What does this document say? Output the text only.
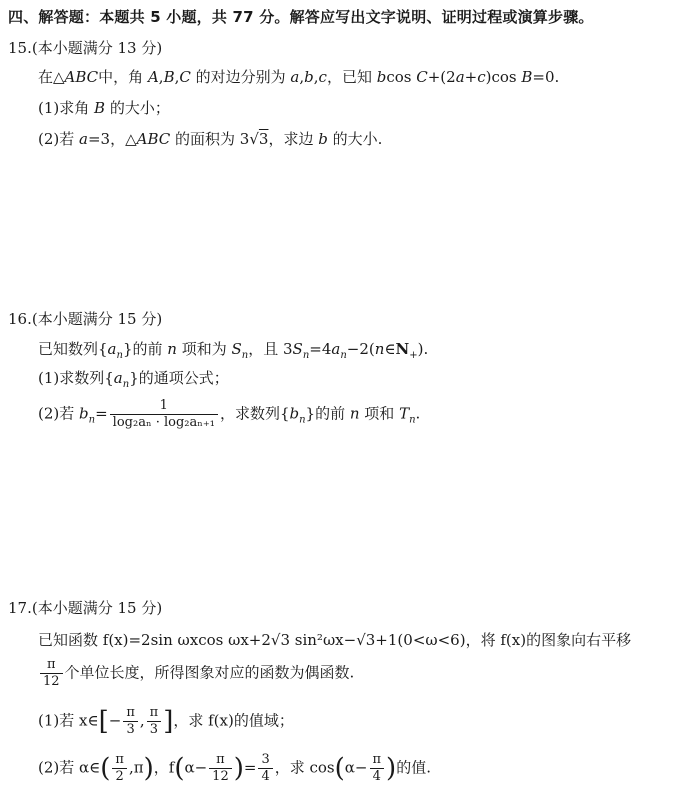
四、解答题：本题共 5 小题，共 77 分。解答应写出文字说明、证明过程或演算步骤。
15.(本小题满分 13 分)
在△ABC中，角 A,B,C 的对边分别为 a,b,c，已知 bcos C+(2a+c)cos B=0.
(1)求角 B 的大小；
(2)若 a=3，△ABC 的面积为 3√3，求边 b 的大小.
16.(本小题满分 15 分)
已知数列$\{a_n\}$的前 n 项和为 $S_n$，且 $3S_n=4a_n-2(n\in N_+)$.
(1)求数列$\{a_n\}$的通项公式；
(2)若 $b_n= \frac{1}{\text{log₂aₙ · log₂aₙ₊₁}}$ ，求数列$\{b_n\}$的前 n 项和 $T_n$.
17.(本小题满分 15 分)
已知函数 f(x)=2sin ωxcos ωx+2√3 sin²ωx−√3+1(0<ω<6)，将 f(x)的图象向右平移
$\frac{\pi}{12}$ 个单位长度，所得图象对应的函数为偶函数.
(1)若 x∈[− $\frac{\pi}{3}$ , $\frac{\pi}{3}$ ]，求 f(x)的值域；
(2)若 α∈( $\frac{\pi}{2} ,\pi$)，$f(\alpha- \frac{\pi}{12}$ )= $\frac{3}{4}$ ，求 $\cos(\alpha- \frac{\pi}{4}$ )的值.
